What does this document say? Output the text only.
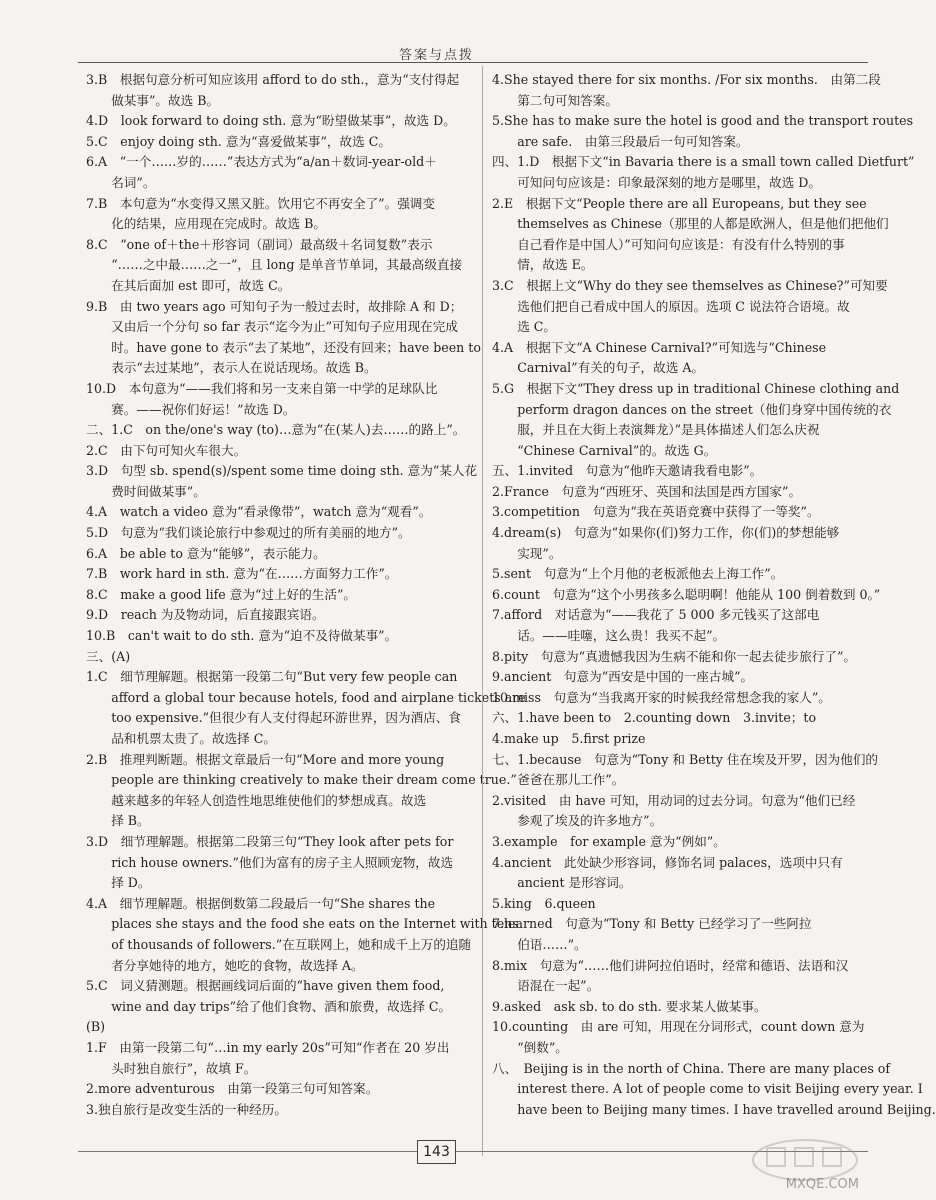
答案与点拨
3.B　根据句意分析可知应该用 afford to do sth.，意为“支付得起
　　做某事”。故选 B。
4.D　look forward to doing sth. 意为“盼望做某事”，故选 D。
5.C　enjoy doing sth. 意为“喜爱做某事”，故选 C。
6.A　“一个……岁的……”表达方式为“a/an＋数词-year-old＋
　　名词”。
7.B　本句意为“水变得又黑又脏。饮用它不再安全了”。强调变
　　化的结果，应用现在完成时。故选 B。
8.C　“one of＋the＋形容词（副词）最高级＋名词复数”表示
　　“……之中最……之一”，且 long 是单音节单词，其最高级直接
　　在其后面加 est 即可，故选 C。
9.B　由 two years ago 可知句子为一般过去时，故排除 A 和 D；
　　又由后一个分句 so far 表示“迄今为止”可知句子应用现在完成
　　时。have gone to 表示“去了某地”，还没有回来；have been to
　　表示“去过某地”，表示人在说话现场。故选 B。
10.D　本句意为“——我们将和另一支来自第一中学的足球队比
　　赛。——祝你们好运！”故选 D。
二、1.C　on the/one's way (to)…意为“在(某人)去……的路上”。
2.C　由下句可知火车很大。
3.D　句型 sb. spend(s)/spent some time doing sth. 意为“某人花
　　费时间做某事”。
4.A　watch a video 意为“看录像带”，watch 意为“观看”。
5.D　句意为“我们谈论旅行中参观过的所有美丽的地方”。
6.A　be able to 意为“能够”，表示能力。
7.B　work hard in sth. 意为“在……方面努力工作”。
8.C　make a good life 意为“过上好的生活”。
9.D　reach 为及物动词，后直接跟宾语。
10.B　can't wait to do sth. 意为“迫不及待做某事”。
三、(A)
1.C　细节理解题。根据第一段第二句“But very few people can
　　afford a global tour because hotels, food and airplane tickets are
　　too expensive.”但很少有人支付得起环游世界，因为酒店、食
　　品和机票太贵了。故选择 C。
2.B　推理判断题。根据文章最后一句“More and more young
　　people are thinking creatively to make their dream come true.”
　　越来越多的年轻人创造性地思维使他们的梦想成真。故选
　　择 B。
3.D　细节理解题。根据第二段第三句“They look after pets for
　　rich house owners.”他们为富有的房子主人照顾宠物，故选
　　择 D。
4.A　细节理解题。根据倒数第二段最后一句“She shares the
　　places she stays and the food she eats on the Internet with tens
　　of thousands of followers.”在互联网上，她和成千上万的追随
　　者分享她待的地方，她吃的食物，故选择 A。
5.C　词义猜测题。根据画线词后面的“have given them food,
　　wine and day trips”给了他们食物、酒和旅费，故选择 C。
(B)
1.F　由第一段第二句“…in my early 20s”可知“作者在 20 岁出
　　头时独自旅行”，故填 F。
2.more adventurous　由第一段第三句可知答案。
3.独自旅行是改变生活的一种经历。
4.She stayed there for six months. /For six months.　由第二段
　　第二句可知答案。
5.She has to make sure the hotel is good and the transport routes
　　are safe.　由第三段最后一句可知答案。
四、1.D　根据下文“in Bavaria there is a small town called Dietfurt”
　　可知问句应该是：印象最深刻的地方是哪里，故选 D。
2.E　根据下文“People there are all Europeans, but they see
　　themselves as Chinese（那里的人都是欧洲人，但是他们把他们
　　自己看作是中国人）”可知问句应该是：有没有什么特别的事
　　情，故选 E。
3.C　根据上文“Why do they see themselves as Chinese?”可知要
　　选他们把自己看成中国人的原因。选项 C 说法符合语境。故
　　选 C。
4.A　根据下文“A Chinese Carnival?”可知选与“Chinese
　　Carnival”有关的句子，故选 A。
5.G　根据下文“They dress up in traditional Chinese clothing and
　　perform dragon dances on the street（他们身穿中国传统的衣
　　服，并且在大街上表演舞龙）”是具体描述人们怎么庆祝
　　“Chinese Carnival”的。故选 G。
五、1.invited　句意为“他昨天邀请我看电影”。
2.France　句意为“西班牙、英国和法国是西方国家”。
3.competition　句意为“我在英语竞赛中获得了一等奖”。
4.dream(s)　句意为“如果你(们)努力工作，你(们)的梦想能够
　　实现”。
5.sent　句意为“上个月他的老板派他去上海工作”。
6.count　句意为“这个小男孩多么聪明啊！他能从 100 倒着数到 0。”
7.afford　对话意为“——我花了 5 000 多元钱买了这部电
　　话。——哇噻，这么贵！我买不起”。
8.pity　句意为“真遗憾我因为生病不能和你一起去徒步旅行了”。
9.ancient　句意为“西安是中国的一座古城”。
10.miss　句意为“当我离开家的时候我经常想念我的家人”。
六、1.have been to　2.counting down　3.invite；to
4.make up　5.first prize
七、1.because　句意为“Tony 和 Betty 住在埃及开罗，因为他们的
　　爸爸在那儿工作”。
2.visited　由 have 可知，用动词的过去分词。句意为“他们已经
　　参观了埃及的许多地方”。
3.example　for example 意为“例如”。
4.ancient　此处缺少形容词，修饰名词 palaces，选项中只有
　　ancient 是形容词。
5.king　6.queen
7.learned　句意为“Tony 和 Betty 已经学习了一些阿拉
　　伯语……”。
8.mix　句意为“……他们讲阿拉伯语时，经常和德语、法语和汉
　　语混在一起”。
9.asked　ask sb. to do sth. 要求某人做某事。
10.counting　由 are 可知，用现在分词形式，count down 意为
　　“倒数”。
八、　Beijing is in the north of China. There are many places of
　　interest there. A lot of people come to visit Beijing every year. I
　　have been to Beijing many times. I have travelled around Beijing.
143
MXQE.COM
